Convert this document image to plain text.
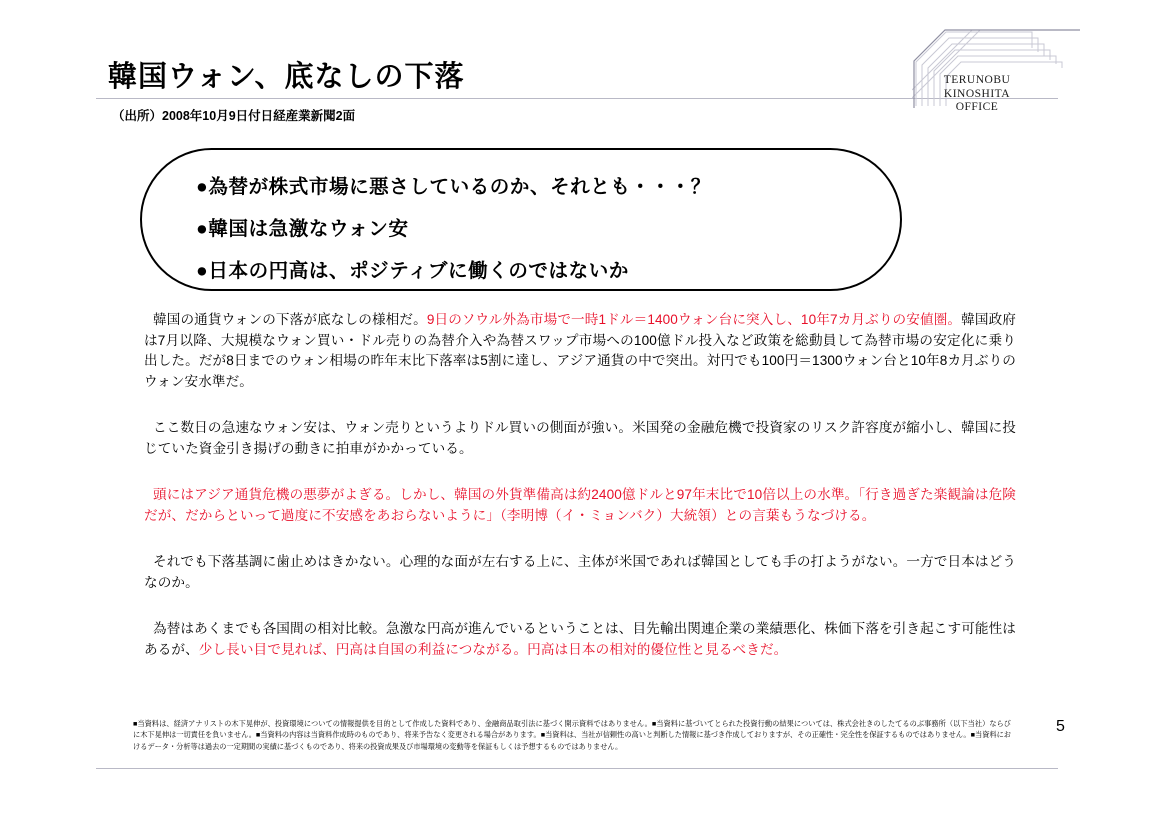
韓国ウォン、底なしの下落
（出所）2008年10月9日付日経産業新聞2面
TERUNOBU
KINOSHITA
OFFICE
●為替が株式市場に悪さしているのか、それとも・・・？
●韓国は急激なウォン安
●日本の円高は、ポジティブに働くのではないか

韓国の通貨ウォンの下落が底なしの様相だ。9日のソウル外為市場で一時1ドル＝1400ウォン台に突入し、10年7カ月ぶりの安値圏。韓国政府は7月以降、大規模なウォン買い・ドル売りの為替介入や為替スワップ市場への100億ドル投入など政策を総動員して為替市場の安定化に乗り出した。だが8日までのウォン相場の昨年末比下落率は5割に達し、アジア通貨の中で突出。対円でも100円＝1300ウォン台と10年8カ月ぶりのウォン安水準だ。

ここ数日の急速なウォン安は、ウォン売りというよりドル買いの側面が強い。米国発の金融危機で投資家のリスク許容度が縮小し、韓国に投じていた資金引き揚げの動きに拍車がかかっている。

頭にはアジア通貨危機の悪夢がよぎる。しかし、韓国の外貨準備高は約2400億ドルと97年末比で10倍以上の水準。「行き過ぎた楽観論は危険だが、だからといって過度に不安感をあおらないように」（李明博（イ・ミョンバク）大統領）との言葉もうなづける。

それでも下落基調に歯止めはきかない。心理的な面が左右する上に、主体が米国であれば韓国としても手の打ようがない。一方で日本はどうなのか。

為替はあくまでも各国間の相対比較。急激な円高が進んでいるということは、目先輸出関連企業の業績悪化、株価下落を引き起こす可能性はあるが、少し長い目で見れば、円高は自国の利益につながる。円高は日本の相対的優位性と見るべきだ。

■当資料は、経済アナリストの木下晃伸が、投資環境についての情報提供を目的として作成した資料であり、金融商品取引法に基づく開示資料ではありません。■当資料に基づいてとられた投資行動の結果については、株式会社きのしたてるのぶ事務所（以下当社）ならびに木下晃伸は一切責任を負いません。■当資料の内容は当資料作成時のものであり、将来予告なく変更される場合があります。■当資料は、当社が信頼性の高いと判断した情報に基づき作成しておりますが、その正確性・完全性を保証するものではありません。■当資料におけるデータ・分析等は過去の一定期間の実績に基づくものであり、将来の投資成果及び市場環境の変動等を保証もしくは予想するものではありません。
5
